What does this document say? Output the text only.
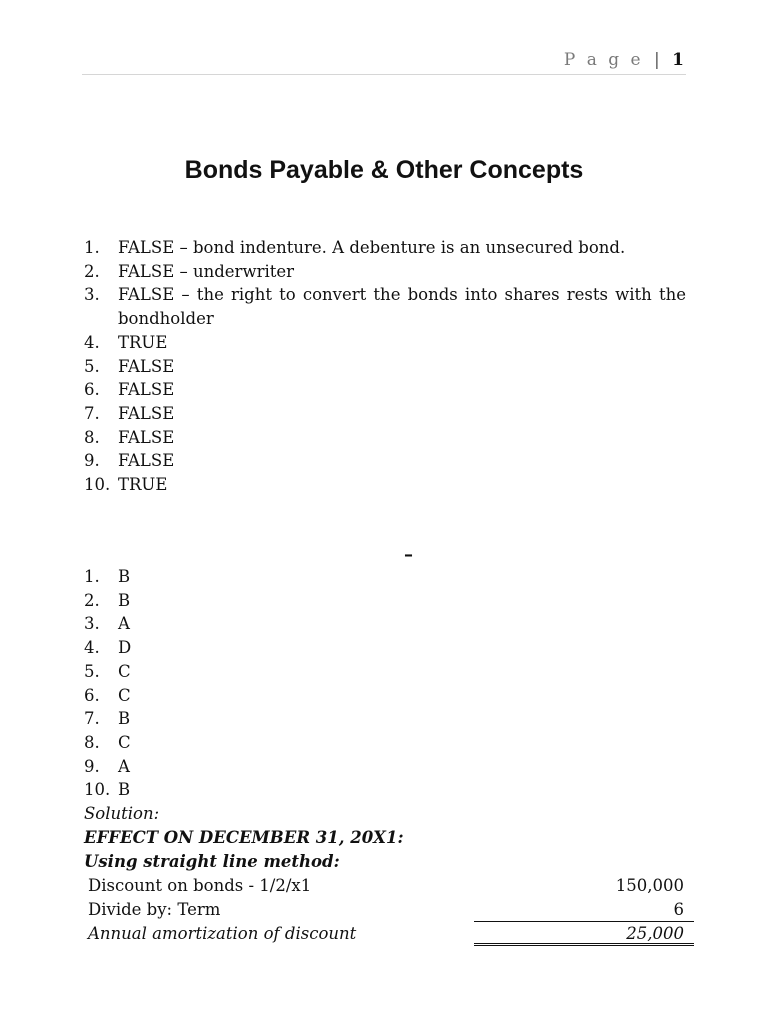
P a g e | 1
Bonds Payable & Other Concepts
1.	FALSE – bond indenture. A debenture is an unsecured bond.
2.	FALSE – underwriter
3.	FALSE – the right to convert the bonds into shares rests with the bondholder
4.	TRUE
5.	FALSE
6.	FALSE
7.	FALSE
8.	FALSE
9.	FALSE
10. TRUE
–
1.	B
2.	B
3.	A
4.	D
5.	C
6.	C
7.	B
8.	C
9.	A
10. B
Solution:
EFFECT ON DECEMBER 31, 20X1:
Using straight line method:
Discount on bonds - 1/2/x1	150,000
Divide by: Term	6
Annual amortization of discount	25,000
